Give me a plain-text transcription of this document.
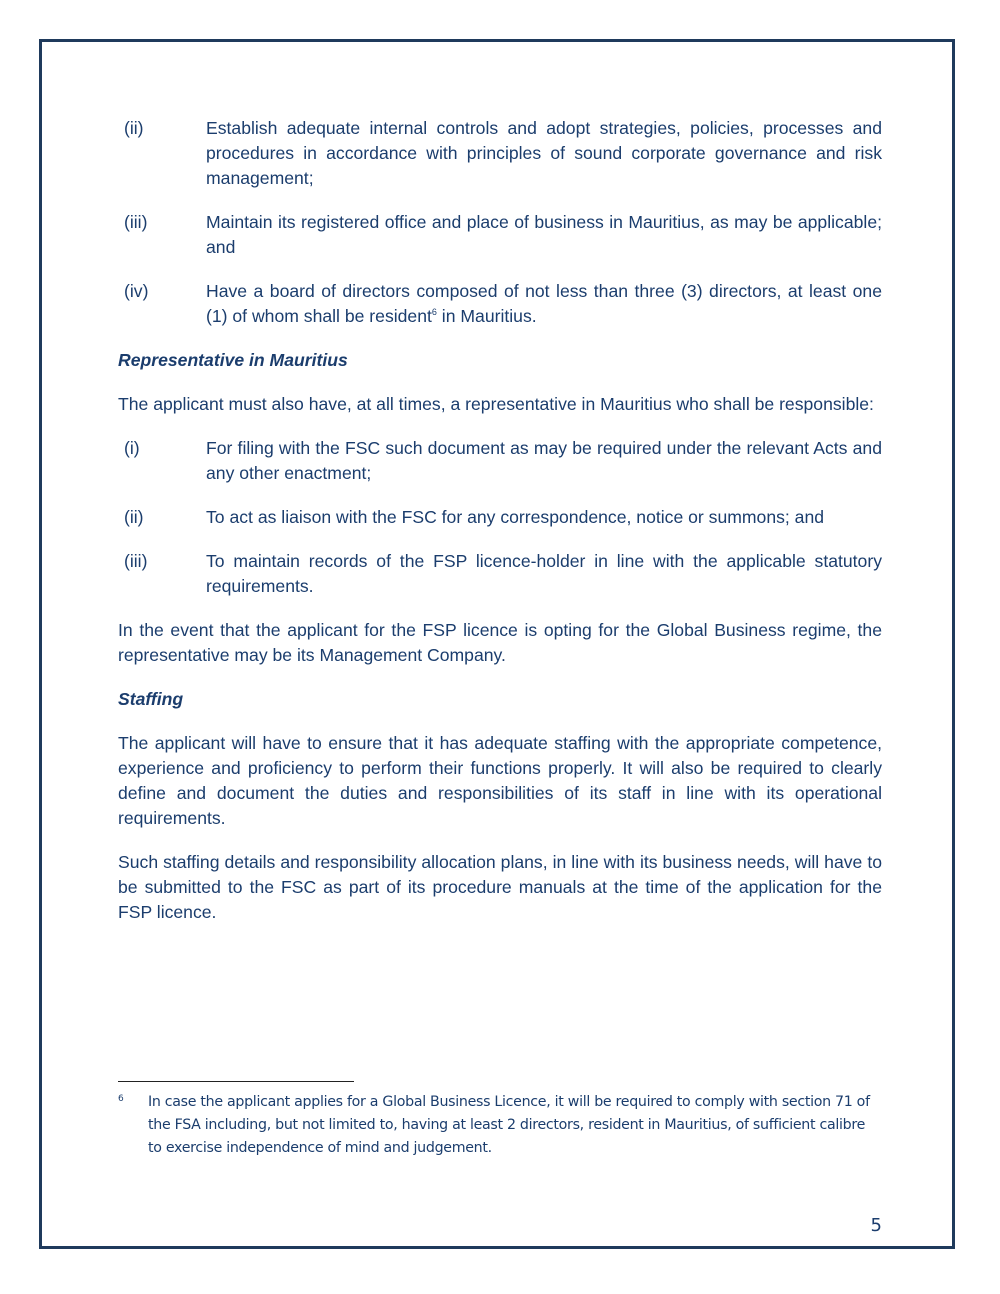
(ii)	Establish adequate internal controls and adopt strategies, policies, processes and procedures in accordance with principles of sound corporate governance and risk management;
(iii)	Maintain its registered office and place of business in Mauritius, as may be applicable; and
(iv)	Have a board of directors composed of not less than three (3) directors, at least one (1) of whom shall be resident$^6$ in Mauritius.
Representative in Mauritius
The applicant must also have, at all times, a representative in Mauritius who shall be responsible:
(i)	For filing with the FSC such document as may be required under the relevant Acts and any other enactment;
(ii)	To act as liaison with the FSC for any correspondence, notice or summons; and
(iii)	To maintain records of the FSP licence-holder in line with the applicable statutory requirements.
In the event that the applicant for the FSP licence is opting for the Global Business regime, the representative may be its Management Company.
Staffing
The applicant will have to ensure that it has adequate staffing with the appropriate competence, experience and proficiency to perform their functions properly. It will also be required to clearly define and document the duties and responsibilities of its staff in line with its operational requirements.
Such staffing details and responsibility allocation plans, in line with its business needs, will have to be submitted to the FSC as part of its procedure manuals at the time of the application for the FSP licence.
6	In case the applicant applies for a Global Business Licence, it will be required to comply with section 71 of the FSA including, but not limited to, having at least 2 directors, resident in Mauritius, of sufficient calibre to exercise independence of mind and judgement.
5
